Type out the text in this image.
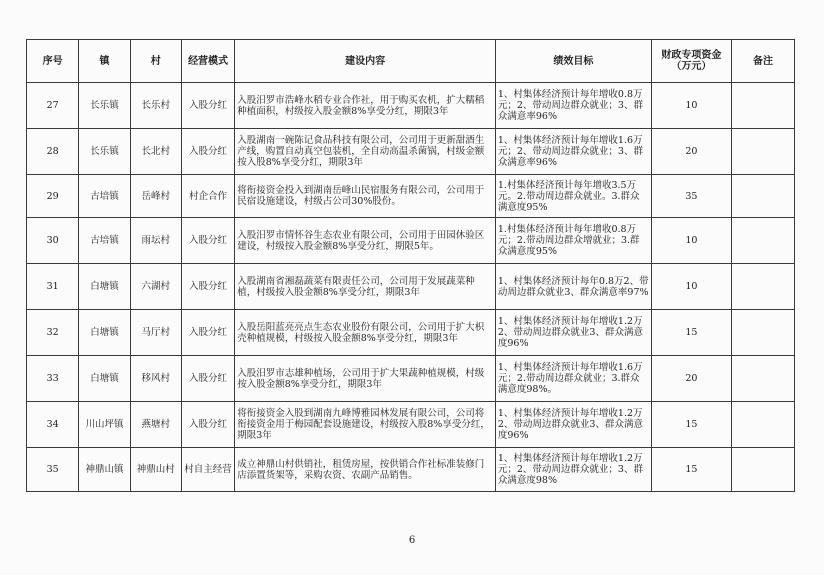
序号	镇	村	经营模式	建设内容	绩效目标	财政专项资金（万元）	备注
27	长乐镇	长乐村	入股分红	入股汨罗市浩峰水稻专业合作社，用于购买农机，扩大糯稻种植面积，村级按入股金额8%享受分红，期限3年	1、村集体经济预计每年增收0.8万元；2、带动周边群众就业；3、群众满意率96%	10	
28	长乐镇	长北村	入股分红	入股湖南一碗陈记食品科技有限公司，公司用于更新甜酒生产线，购置自动真空包装机，全自动高温杀菌锅，村级金额按入股8%享受分红，期限3年	1、村集体经济预计每年增收1.6万元；2、带动周边群众就业；3、群众满意率96%	20	
29	古培镇	岳峰村	村企合作	将衔接资金投入到湖南岳峰山民宿服务有限公司，公司用于民宿设施建设，村级占公司30%股份。	1.村集体经济预计每年增收3.5万元。2.带动周边群众就业。3.群众满意度95%	35	
30	古培镇	雨坛村	入股分红	入股汨罗市情怀谷生态农业有限公司，公司用于田园休验区建设，村级按入股金额8%享受分红，期限5年。	1.村集体经济预计每年增收0.8万元；2.带动周边群众增就业；3.群众满意度95%	10	
31	白塘镇	六湖村	入股分红	入股湖南省湘磊蔬菜有限责任公司，公司用于发展蔬菜种植，村级按入股金额8%享受分红，期限3年	1、村集体经济预计每年0.8万2、带动周边群众就业3、群众满意率97%	10	
32	白塘镇	马厅村	入股分红	入股岳阳蓝亮亮点生态农业股份有限公司，公司用于扩大枳壳种植规模，村级按入股金额8%享受分红，期限3年	1、村集体经济预计每年增收1.2万2、带动周边群众就业3、群众满意度96%	15	
33	白塘镇	移风村	入股分红	入股汨罗市志雄种植场，公司用于扩大果蔬种植规模，村级按入股金额8%享受分红，期限3年	1、村集体经济预计每年增收1.6万元；2.带动周边群众就业；3.群众满意度98%。	20	
34	川山坪镇	燕塘村	入股分红	将衔接资金入股到湖南九峰博雅园林发展有限公司，公司将衔接资金用于梅园配套设施建设，村级按入股8%享受分红，期限3年	1、村集体经济预计每年增收1.2万2、带动周边群众就业3、群众满意度96%	15	
35	神鼎山镇	神鼎山村	村自主经营	成立神鼎山村供销社，租赁房屋，按供销合作社标准装修门店添置货架等，采购农资、农副产品销售。	1、村集体经济预计每年增收1.2万元；2、带动周边群众就业；3、群众满意度98%	15	
6
